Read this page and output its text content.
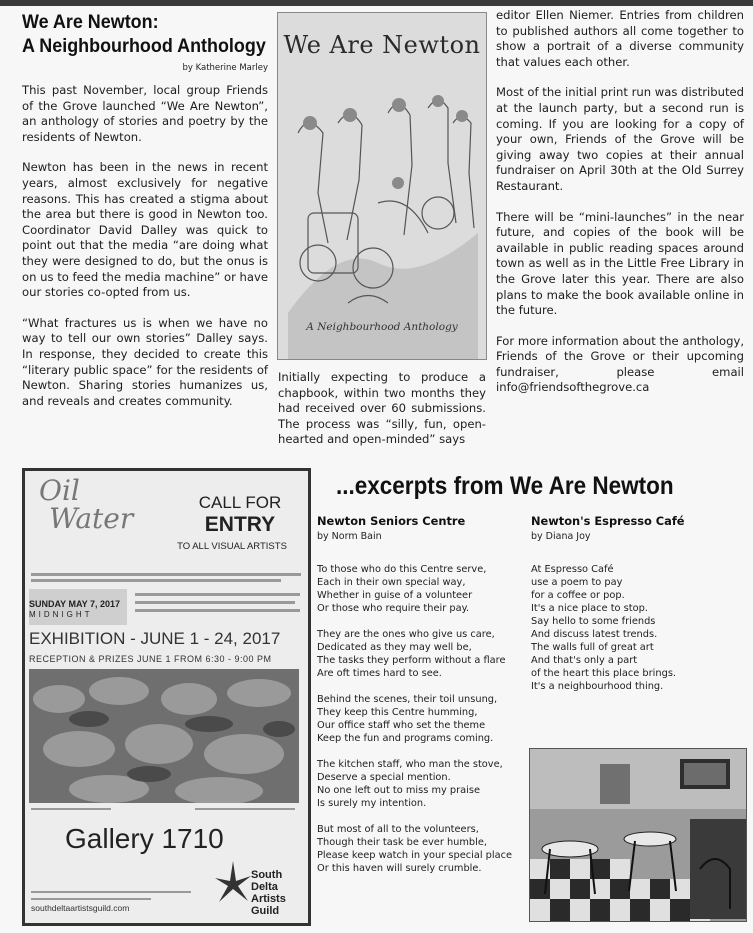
We Are Newton:
A Neighbourhood Anthology
by Katherine Marley

This past November, local group Friends of the Grove launched “We Are Newton”, an anthology of stories and poetry by the residents of Newton.

Newton has been in the news in recent years, almost exclusively for negative reasons. This has created a stigma about the area but there is good in Newton too. Coordinator David Dalley was quick to point out that the media “are doing what they were designed to do, but the onus is on us to feed the media machine” or have our stories co-opted from us.

“What fractures us is when we have no way to tell our own stories” Dalley says. In response, they decided to create this “literary public space” for the residents of Newton. Sharing stories humanizes us, and reveals and creates community.

We Are Newton
A Neighbourhood Anthology

Initially expecting to produce a chapbook, within two months they had received over 60 submissions. The process was “silly, fun, open-hearted and open-minded” says

editor Ellen Niemer. Entries from children to published authors all come together to show a portrait of a diverse community that values each other.

Most of the initial print run was distributed at the launch party, but a second run is coming. If you are looking for a copy of your own, Friends of the Grove will be giving away two copies at their annual fundraiser on April 30th at the Old Surrey Restaurant.

There will be “mini-launches” in the near future, and copies of the book will be available in public reading spaces around town as well as in the Little Free Library in the Grove later this year. There are also plans to make the book available online in the future.

For more information about the anthology, Friends of the Grove or their upcoming fundraiser, please email info@friendsofthegrove.ca

Oil
Water	CALL FOR
ENTRY
TO ALL VISUAL ARTISTS
SUNDAY MAY 7, 2017
MIDNIGHT
EXHIBITION - JUNE 1 - 24, 2017
RECEPTION & PRIZES JUNE 1 FROM 6:30 - 9:00 PM
Gallery 1710
South Delta Artists Guild
southdeltaartistsguild.com
...excerpts from We Are Newton
Newton Seniors Centre
by Norm Bain
To those who do this Centre serve,
Each in their own special way,
Whether in guise of a volunteer
Or those who require their pay.
They are the ones who give us care,
Dedicated as they may well be,
The tasks they perform without a flare
Are oft times hard to see.
Behind the scenes, their toil unsung,
They keep this Centre humming,
Our office staff who set the theme
Keep the fun and programs coming.
The kitchen staff, who man the stove,
Deserve a special mention.
No one left out to miss my praise
Is surely my intention.
But most of all to the volunteers,
Though their task be ever humble,
Please keep watch in your special place
Or this haven will surely crumble.
Newton's Espresso Café
by Diana Joy
At Espresso Café
use a poem to pay
for a coffee or pop.
It's a nice place to stop.
Say hello to some friends
And discuss latest trends.
The walls full of great art
And that's only a part
of the heart this place brings.
It's a neighbourhood thing.
